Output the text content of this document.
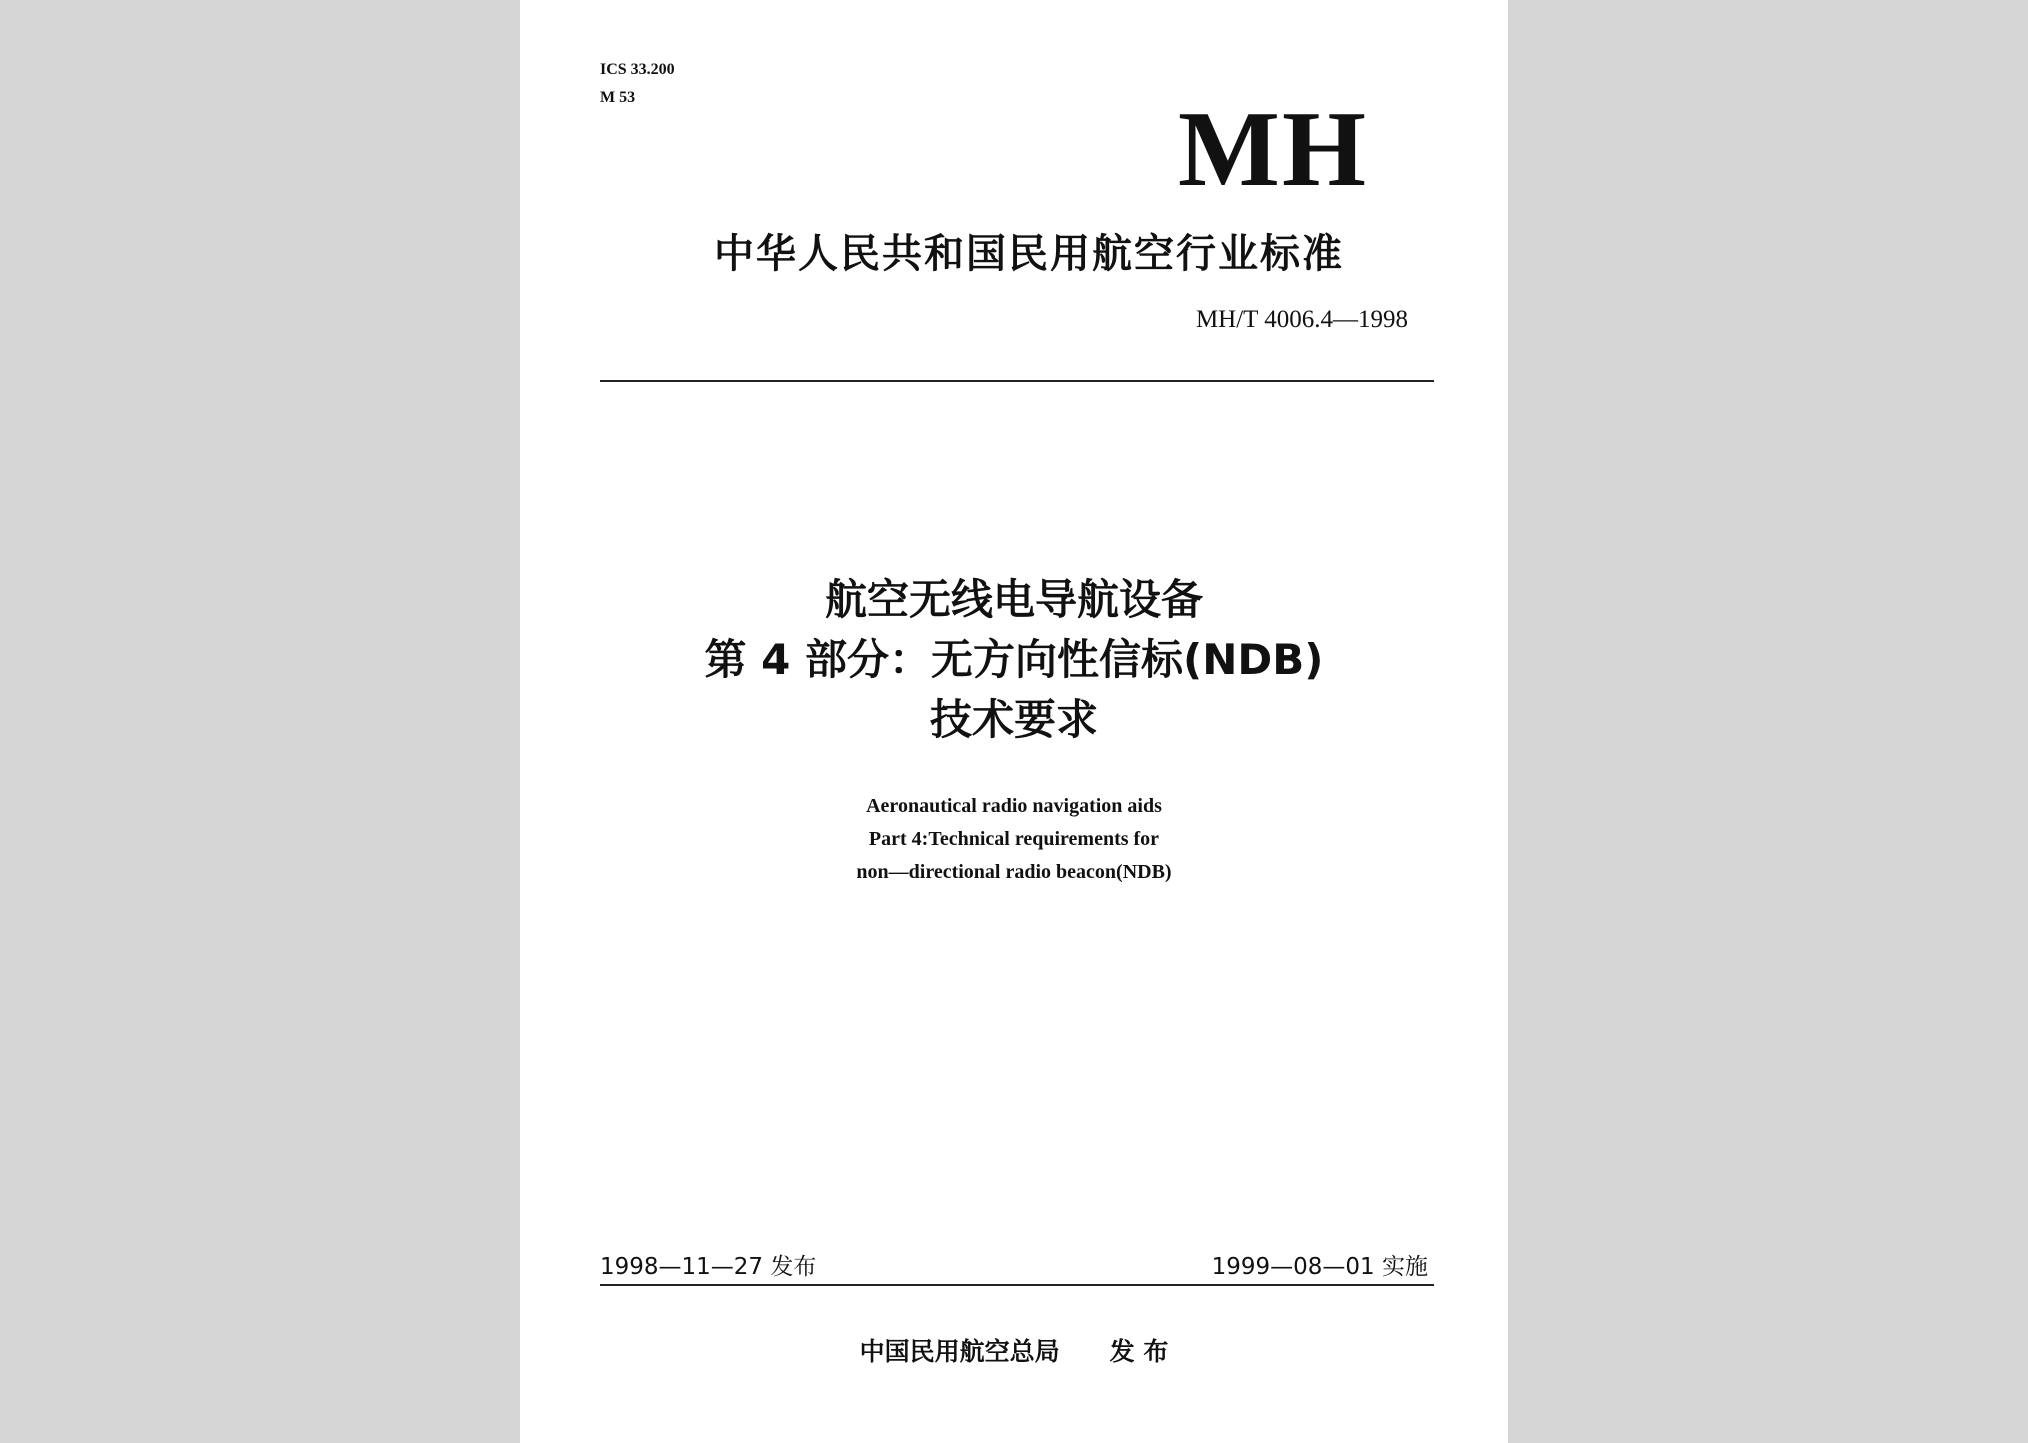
ICS 33.200
M 53	MH
中华人民共和国民用航空行业标准
MH/T 4006.4—1998
航空无线电导航设备
第 4 部分：无方向性信标(NDB)
技术要求
Aeronautical radio navigation aids
Part 4:Technical requirements for
non—directional radio beacon(NDB)
1998—11—27 发布	1999—08—01 实施
中国民用航空总局 发 布
